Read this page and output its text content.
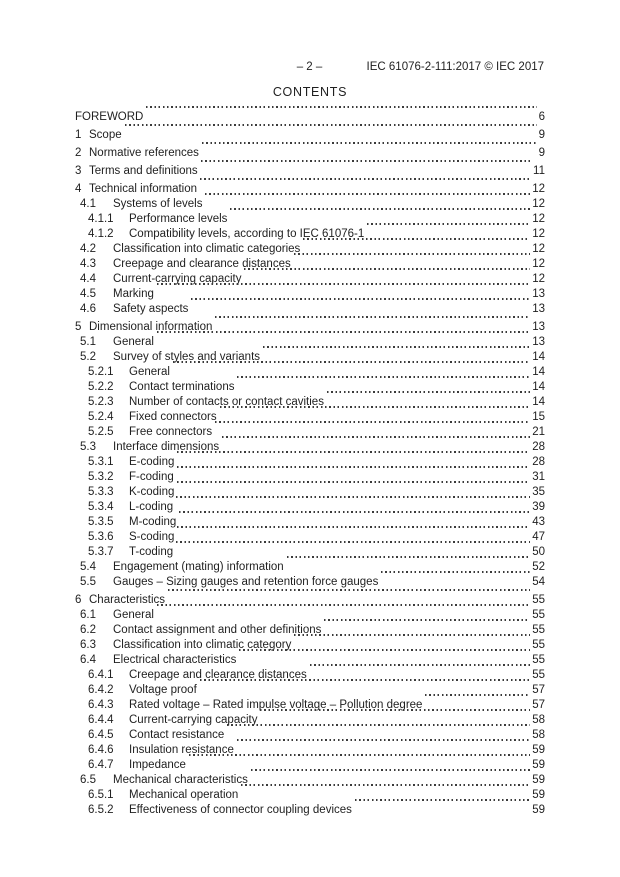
– 2 –	IEC 61076-2-111:2017 © IEC 2017
CONTENTS
FOREWORD	6
1 Scope	9
2 Normative references	9
3 Terms and definitions	11
4 Technical information	12
4.1	Systems of levels	12
4.1.1	Performance levels	12
4.1.2	Compatibility levels, according to IEC 61076-1	12
4.2	Classification into climatic categories	12
4.3	Creepage and clearance distances	12
4.4	Current-carrying capacity	12
4.5	Marking	13
4.6	Safety aspects	13
5 Dimensional information	13
5.1	General	13
5.2	Survey of styles and variants	14
5.2.1	General	14
5.2.2	Contact terminations	14
5.2.3	Number of contacts or contact cavities	14
5.2.4	Fixed connectors	15
5.2.5	Free connectors	21
5.3	Interface dimensions	28
5.3.1	E-coding	28
5.3.2	F-coding	31
5.3.3	K-coding	35
5.3.4	L-coding	39
5.3.5	M-coding	43
5.3.6	S-coding	47
5.3.7	T-coding	50
5.4	Engagement (mating) information	52
5.5	Gauges – Sizing gauges and retention force gauges	54
6 Characteristics	55
6.1	General	55
6.2	Contact assignment and other definitions	55
6.3	Classification into climatic category	55
6.4	Electrical characteristics	55
6.4.1	Creepage and clearance distances	55
6.4.2	Voltage proof	57
6.4.3	Rated voltage – Rated impulse voltage – Pollution degree	57
6.4.4	Current-carrying capacity	58
6.4.5	Contact resistance	58
6.4.6	Insulation resistance	59
6.4.7	Impedance	59
6.5	Mechanical characteristics	59
6.5.1	Mechanical operation	59
6.5.2	Effectiveness of connector coupling devices	59
